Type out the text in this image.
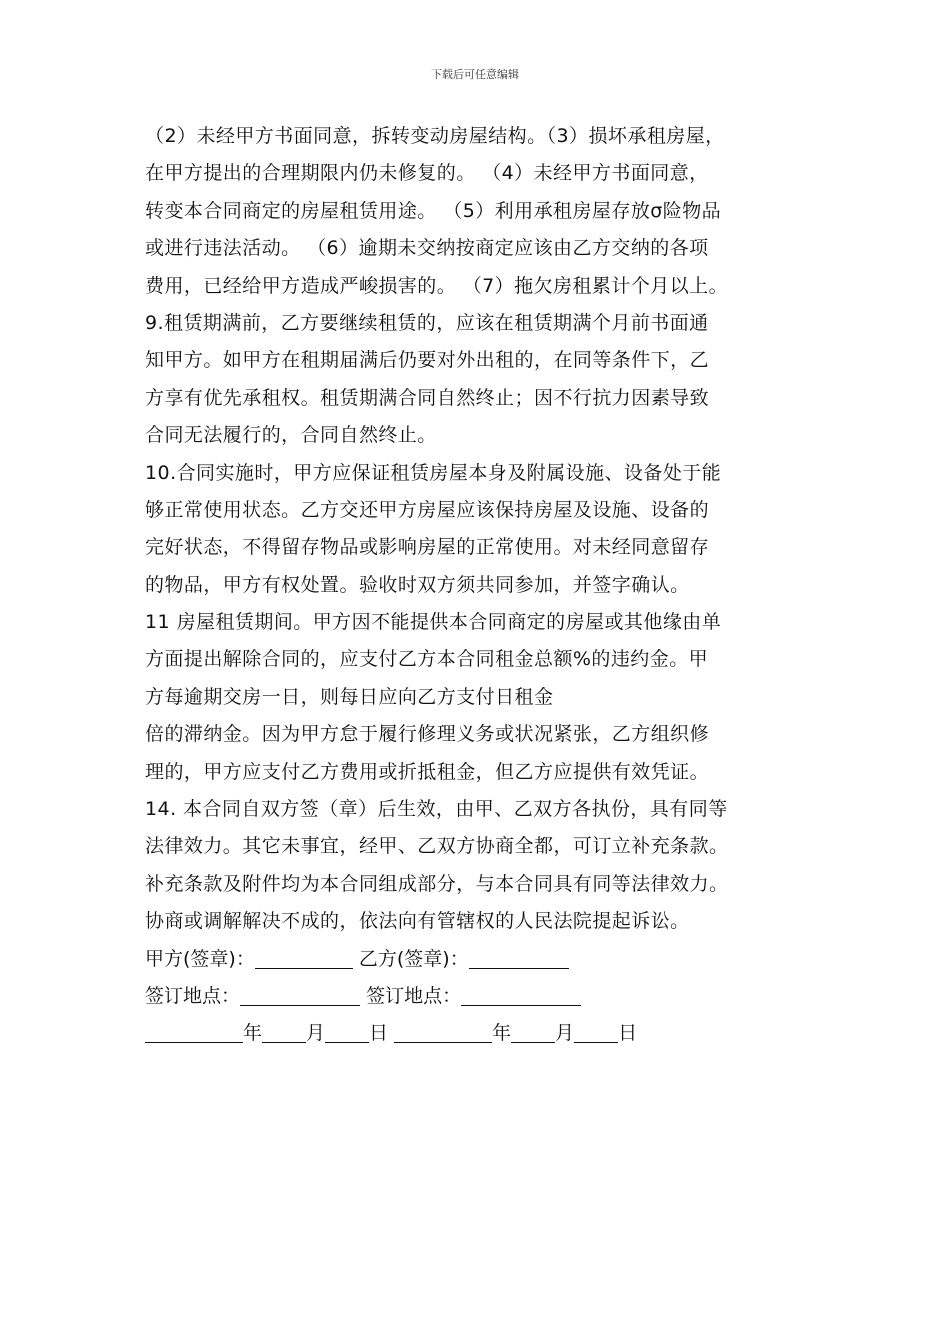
下载后可任意编辑
（2）未经甲方书面同意，拆转变动房屋结构。（3）损坏承租房屋，
在甲方提出的合理期限内仍未修复的。 （4）未经甲方书面同意，
转变本合同商定的房屋租赁用途。 （5）利用承租房屋存放σ险物品
或进行违法活动。 （6）逾期未交纳按商定应该由乙方交纳的各项
费用，已经给甲方造成严峻损害的。 （7）拖欠房租累计个月以上。
9.租赁期满前，乙方要继续租赁的，应该在租赁期满个月前书面通
知甲方。如甲方在租期届满后仍要对外出租的，在同等条件下，乙
方享有优先承租权。租赁期满合同自然终止；因不行抗力因素导致
合同无法履行的，合同自然终止。
10.合同实施时，甲方应保证租赁房屋本身及附属设施、设备处于能
够正常使用状态。乙方交还甲方房屋应该保持房屋及设施、设备的
完好状态，不得留存物品或影响房屋的正常使用。对未经同意留存
的物品，甲方有权处置。验收时双方须共同参加，并签字确认。
11 房屋租赁期间。甲方因不能提供本合同商定的房屋或其他缘由单
方面提出解除合同的，应支付乙方本合同租金总额%的违约金。甲
方每逾期交房一日，则每日应向乙方支付日租金
倍的滞纳金。因为甲方怠于履行修理义务或状况紧张，乙方组织修
理的，甲方应支付乙方费用或折抵租金，但乙方应提供有效凭证。
14. 本合同自双方签（章）后生效，由甲、乙双方各执份，具有同等
法律效力。其它未事宜，经甲、乙双方协商全都，可订立补充条款。
补充条款及附件均为本合同组成部分，与本合同具有同等法律效力。
协商或调解解决不成的，依法向有管辖权的人民法院提起诉讼。
甲方(签章)：	乙方(签章)：
签订地点：	签订地点：
年 月 日	年 月 日
